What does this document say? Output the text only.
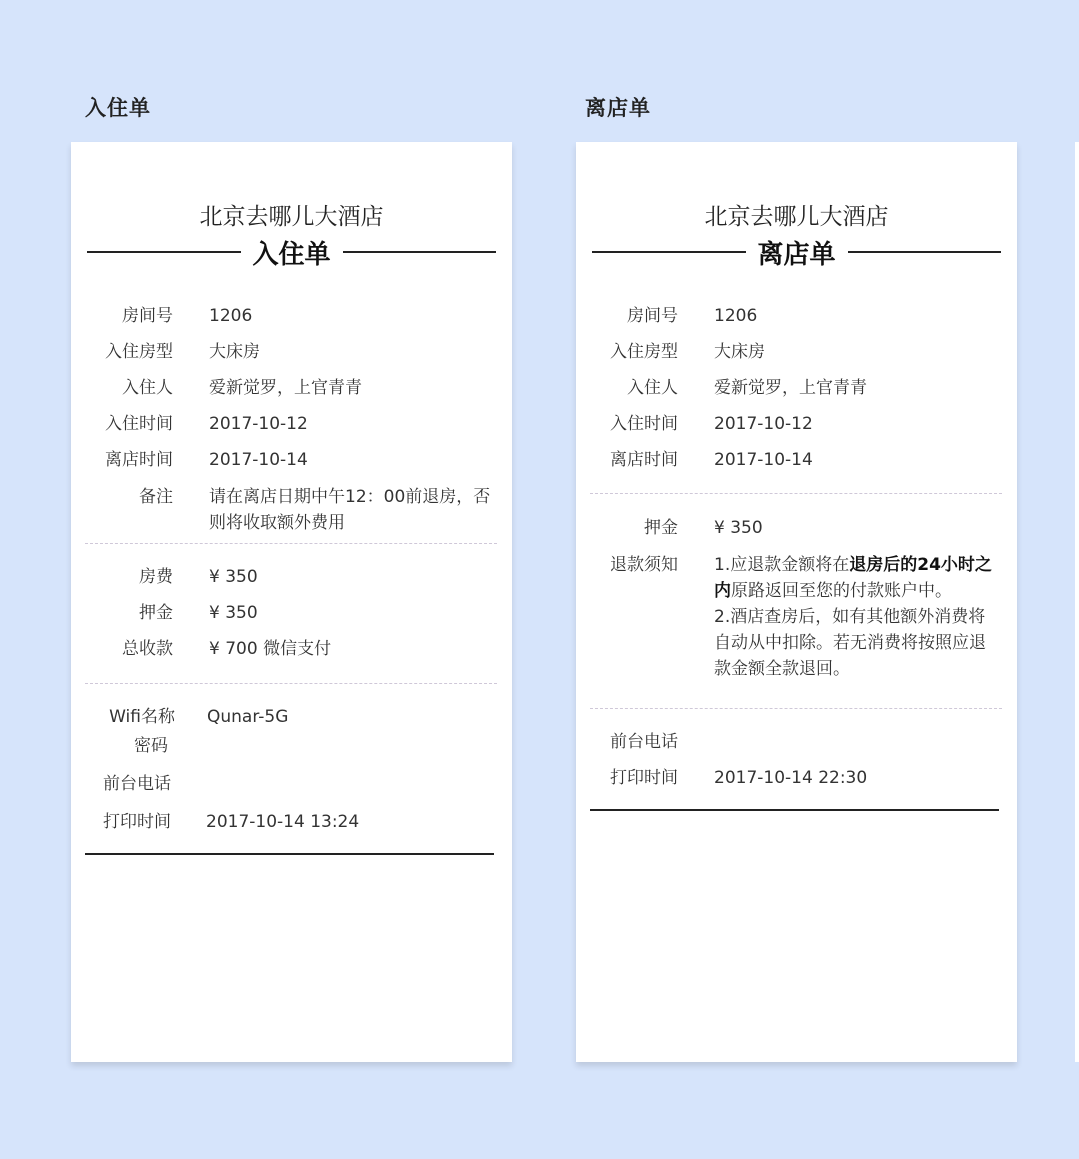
入住单
北京去哪儿大酒店
入住单
房间号 1206
入住房型 大床房
入住人 爱新觉罗，上官青青
入住时间 2017-10-12
离店时间 2017-10-14
备注 请在离店日期中午12：00前退房，否则将收取额外费用
房费 ¥ 350
押金 ¥ 350
总收款 ¥ 700 微信支付
Wifi名称 Qunar-5G
密码
前台电话
打印时间 2017-10-14 13:24
离店单
北京去哪儿大酒店
离店单
房间号 1206
入住房型 大床房
入住人 爱新觉罗，上官青青
入住时间 2017-10-12
离店时间 2017-10-14
押金 ¥ 350
退款须知 1.应退款金额将在退房后的24小时之内原路返回至您的付款账户中。
2.酒店查房后，如有其他额外消费将自动从中扣除。若无消费将按照应退款金额全款退回。
前台电话
打印时间 2017-10-14 22:30
